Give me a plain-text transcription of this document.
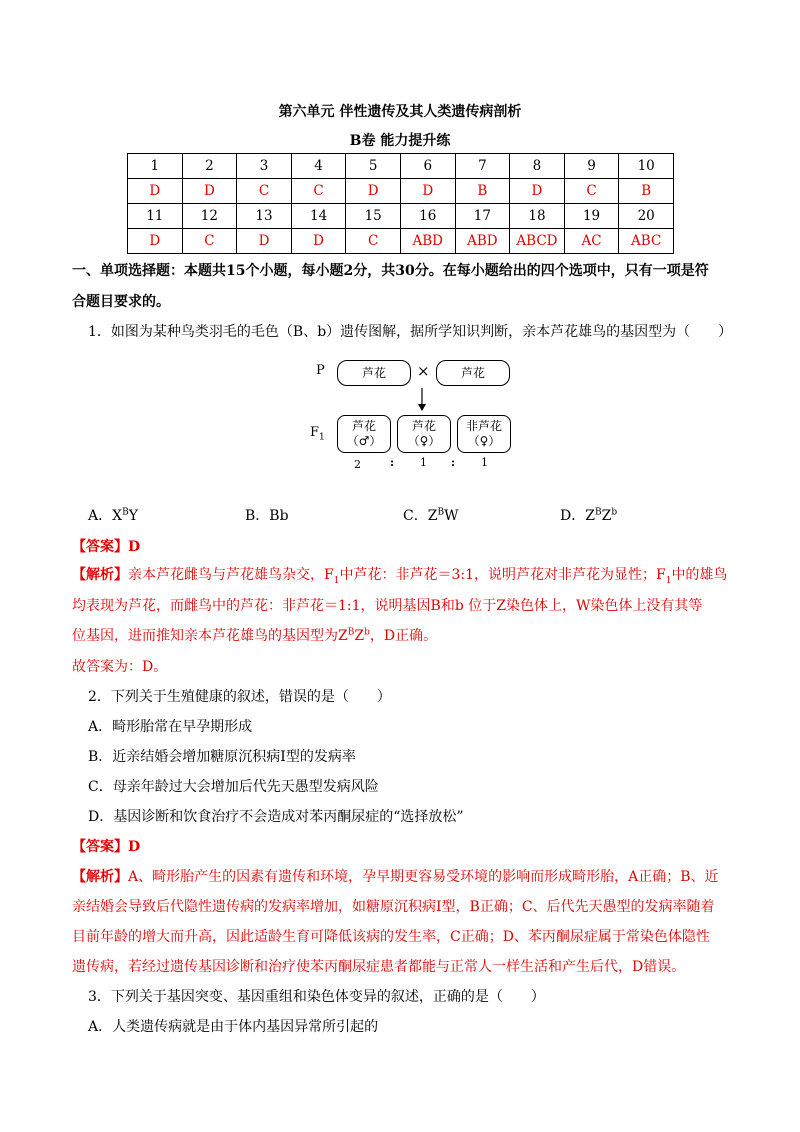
第六单元 伴性遗传及其人类遗传病剖析
B卷 能力提升练
1	2	3	4	5	6	7	8	9	10
D	D	C	C	D	D	B	D	C	B
11	12	13	14	15	16	17	18	19	20
D	C	D	D	C	ABD	ABD	ABCD	AC	ABC
一、单项选择题：本题共15个小题，每小题2分，共30分。在每小题给出的四个选项中，只有一项是符
合题目要求的。
1．如图为某种鸟类羽毛的毛色（B、b）遗传图解，据所学知识判断，亲本芦花雄鸟的基因型为（　　）
P	芦花	×	芦花
$F_1$
芦花
（♂）
芦花
（♀）
非芦花
（♀）
2	: 1 : 1
A．$X^BY$	B．Bb	C．$Z^BW$	D．$Z^BZ^b$
【答案】D
【解析】亲本芦花雌鸟与芦花雄鸟杂交，$F_1$中芦花：非芦花＝3:1，说明芦花对非芦花为显性；$F_1$中的雄鸟
均表现为芦花，而雌鸟中的芦花：非芦花＝1:1，说明基因B和b 位于Z染色体上，W染色体上没有其等
位基因，进而推知亲本芦花雄鸟的基因型为$Z^BZ^b$，D正确。
故答案为：D。
2．下列关于生殖健康的叙述，错误的是（　　）
A．畸形胎常在早孕期形成
B．近亲结婚会增加糖原沉积病Ⅰ型的发病率
C．母亲年龄过大会增加后代先天愚型发病风险
D．基因诊断和饮食治疗不会造成对苯丙酮尿症的“选择放松”
【答案】D
【解析】A、畸形胎产生的因素有遗传和环境，孕早期更容易受环境的影响而形成畸形胎，A正确；B、近
亲结婚会导致后代隐性遗传病的发病率增加，如糖原沉积病Ⅰ型，B正确；C、后代先天愚型的发病率随着
目前年龄的增大而升高，因此适龄生育可降低该病的发生率，C正确；D、苯丙酮尿症属于常染色体隐性
遗传病，若经过遗传基因诊断和治疗使苯丙酮尿症患者都能与正常人一样生活和产生后代，D错误。
3．下列关于基因突变、基因重组和染色体变异的叙述，正确的是（　　）
A．人类遗传病就是由于体内基因异常所引起的
